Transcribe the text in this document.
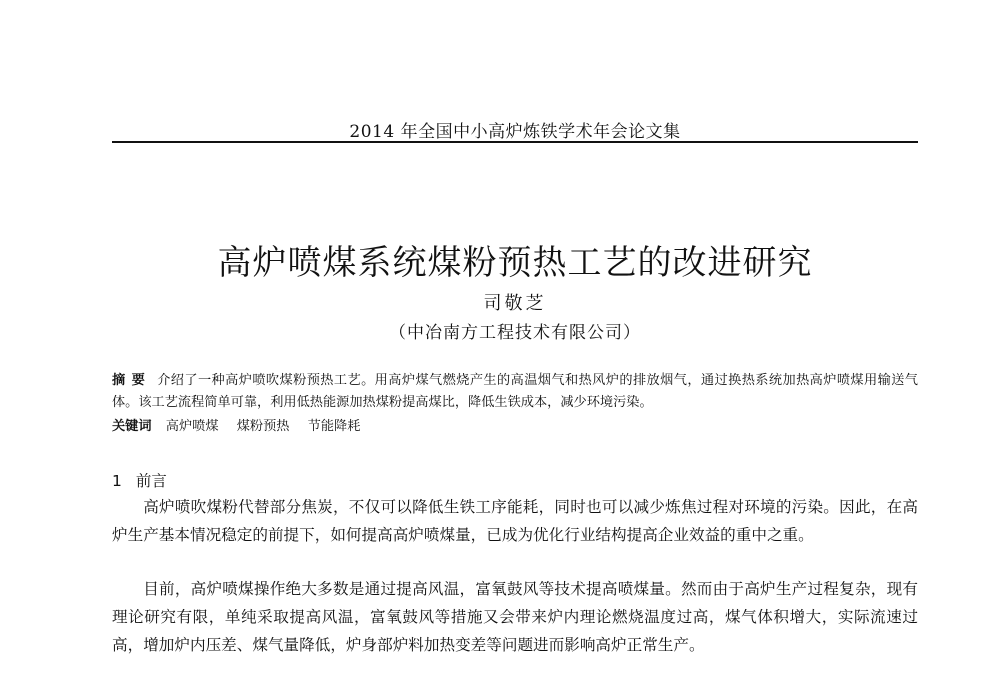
2014 年全国中小高炉炼铁学术年会论文集
高炉喷煤系统煤粉预热工艺的改进研究
司敬芝
（中冶南方工程技术有限公司）
摘要 介绍了一种高炉喷吹煤粉预热工艺。用高炉煤气燃烧产生的高温烟气和热风炉的排放烟气，通过换热系统加热高炉喷煤用输送气体。该工艺流程简单可靠，利用低热能源加热煤粉提高煤比，降低生铁成本，减少环境污染。
关键词 高炉喷煤 煤粉预热 节能降耗
1 前言

高炉喷吹煤粉代替部分焦炭，不仅可以降低生铁工序能耗，同时也可以减少炼焦过程对环境的污染。因此，在高炉生产基本情况稳定的前提下，如何提高高炉喷煤量，已成为优化行业结构提高企业效益的重中之重。

目前，高炉喷煤操作绝大多数是通过提高风温，富氧鼓风等技术提高喷煤量。然而由于高炉生产过程复杂，现有理论研究有限，单纯采取提高风温，富氧鼓风等措施又会带来炉内理论燃烧温度过高，煤气体积增大，实际流速过高，增加炉内压差、煤气量降低，炉身部炉料加热变差等问题进而影响高炉正常生产。
